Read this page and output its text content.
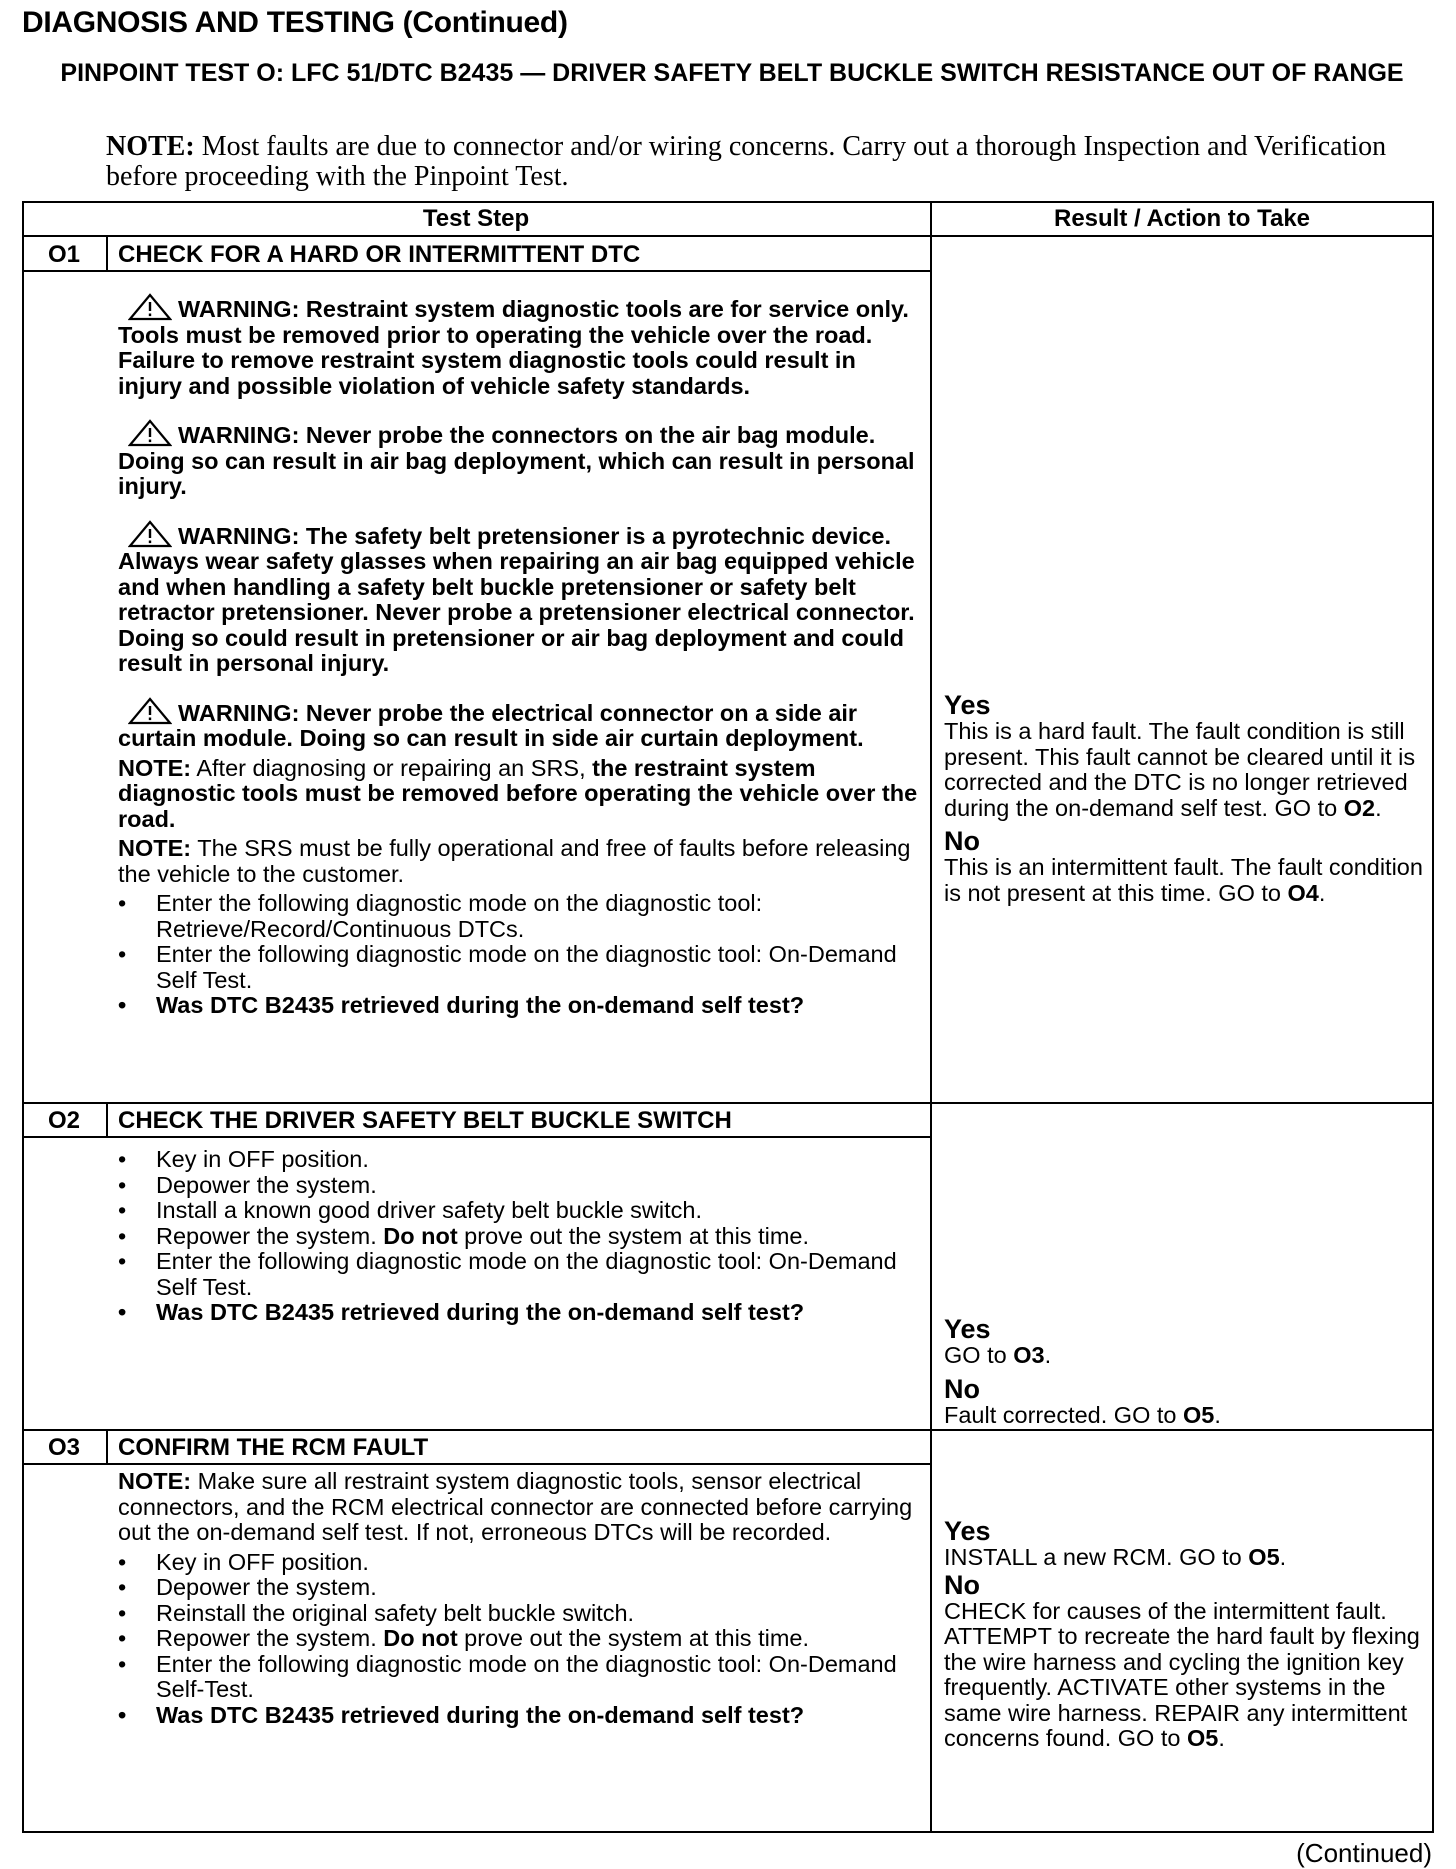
DIAGNOSIS AND TESTING (Continued)
PINPOINT TEST O: LFC 51/DTC B2435 — DRIVER SAFETY BELT BUCKLE SWITCH RESISTANCE OUT OF RANGE
NOTE: Most faults are due to connector and/or wiring concerns. Carry out a thorough Inspection and Verification before proceeding with the Pinpoint Test.
Test Step	Result / Action to Take
O1	CHECK FOR A HARD OR INTERMITTENT DTC
WARNING: Restraint system diagnostic tools are for service only. Tools must be removed prior to operating the vehicle over the road. Failure to remove restraint system diagnostic tools could result in injury and possible violation of vehicle safety standards.
WARNING: Never probe the connectors on the air bag module. Doing so can result in air bag deployment, which can result in personal injury.
WARNING: The safety belt pretensioner is a pyrotechnic device. Always wear safety glasses when repairing an air bag equipped vehicle and when handling a safety belt buckle pretensioner or safety belt retractor pretensioner. Never probe a pretensioner electrical connector. Doing so could result in pretensioner or air bag deployment and could result in personal injury.
WARNING: Never probe the electrical connector on a side air curtain module. Doing so can result in side air curtain deployment.
NOTE: After diagnosing or repairing an SRS, the restraint system diagnostic tools must be removed before operating the vehicle over the road.
NOTE: The SRS must be fully operational and free of faults before releasing the vehicle to the customer.
• Enter the following diagnostic mode on the diagnostic tool: Retrieve/Record/Continuous DTCs.
• Enter the following diagnostic mode on the diagnostic tool: On-Demand Self Test.
• Was DTC B2435 retrieved during the on-demand self test?
Yes
This is a hard fault. The fault condition is still present. This fault cannot be cleared until it is corrected and the DTC is no longer retrieved during the on-demand self test. GO to O2.
No
This is an intermittent fault. The fault condition is not present at this time. GO to O4.
O2	CHECK THE DRIVER SAFETY BELT BUCKLE SWITCH
• Key in OFF position.
• Depower the system.
• Install a known good driver safety belt buckle switch.
• Repower the system. Do not prove out the system at this time.
• Enter the following diagnostic mode on the diagnostic tool: On-Demand Self Test.
• Was DTC B2435 retrieved during the on-demand self test?
Yes
GO to O3.
No
Fault corrected. GO to O5.
O3	CONFIRM THE RCM FAULT
NOTE: Make sure all restraint system diagnostic tools, sensor electrical connectors, and the RCM electrical connector are connected before carrying out the on-demand self test. If not, erroneous DTCs will be recorded.
• Key in OFF position.
• Depower the system.
• Reinstall the original safety belt buckle switch.
• Repower the system. Do not prove out the system at this time.
• Enter the following diagnostic mode on the diagnostic tool: On-Demand Self-Test.
• Was DTC B2435 retrieved during the on-demand self test?
Yes
INSTALL a new RCM. GO to O5.
No
CHECK for causes of the intermittent fault. ATTEMPT to recreate the hard fault by flexing the wire harness and cycling the ignition key frequently. ACTIVATE other systems in the same wire harness. REPAIR any intermittent concerns found. GO to O5.
(Continued)
